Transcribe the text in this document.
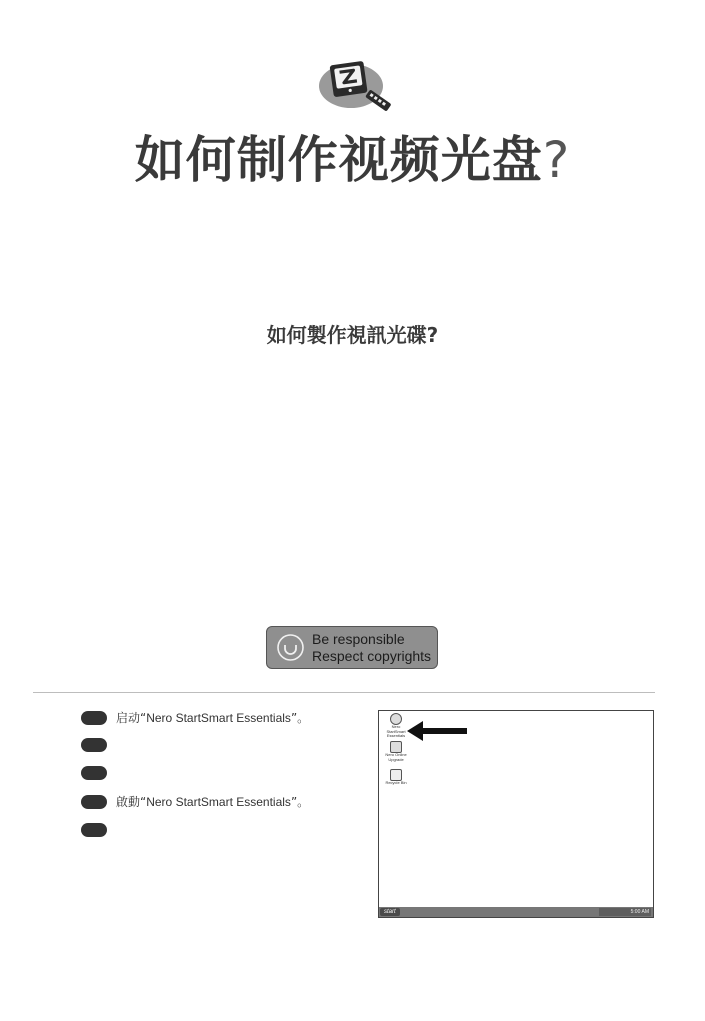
如何制作视频光盘?
如何製作視訊光碟?
Be responsible
Respect copyrights
启动“Nero StartSmart Essentials”。
啟動“Nero StartSmart Essentials”。
Nero StartSmart Essentials
Nero Online Upgrade
Recycle Bin
start	5:00 AM
